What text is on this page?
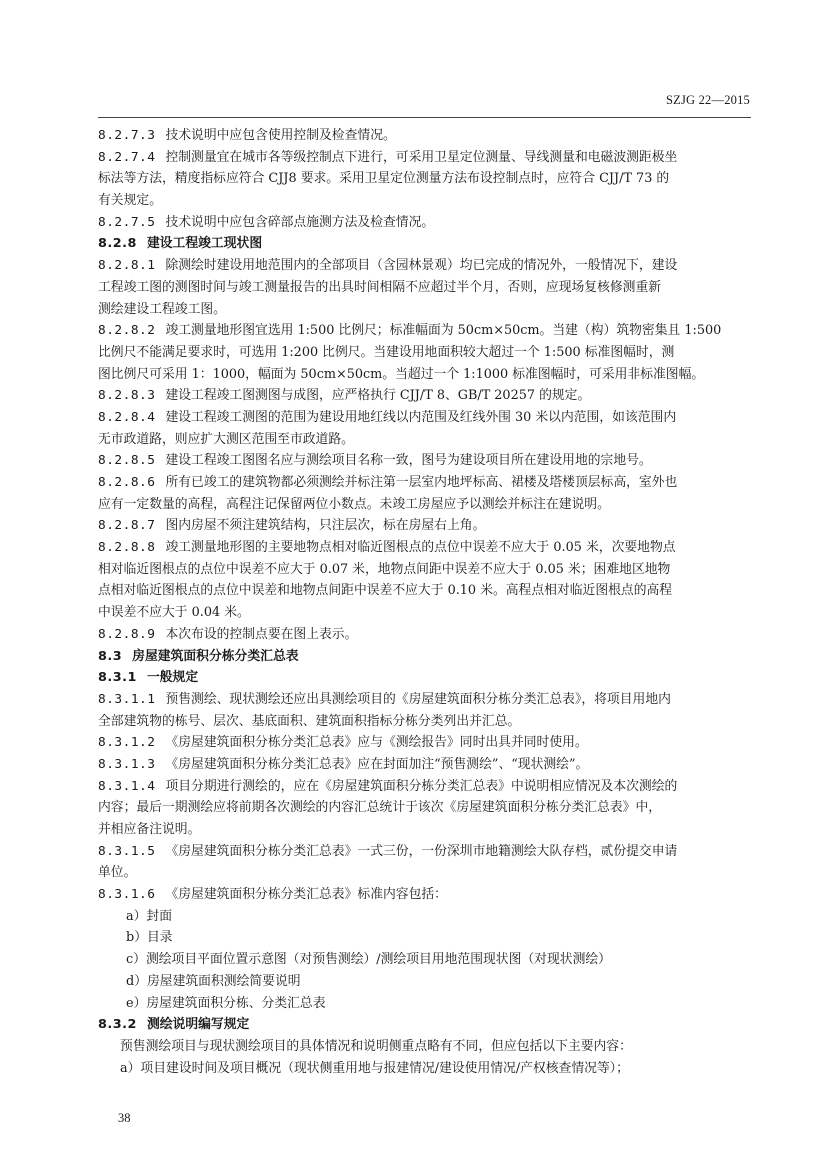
SZJG 22—2015
8.2.7.3 技术说明中应包含使用控制及检查情况。
8.2.7.4 控制测量宜在城市各等级控制点下进行，可采用卫星定位测量、导线测量和电磁波测距极坐
标法等方法，精度指标应符合 CJJ8 要求。采用卫星定位测量方法布设控制点时，应符合 CJJ/T 73 的
有关规定。
8.2.7.5 技术说明中应包含碎部点施测方法及检查情况。
8.2.8 建设工程竣工现状图
8.2.8.1 除测绘时建设用地范围内的全部项目（含园林景观）均已完成的情况外，一般情况下，建设
工程竣工图的测图时间与竣工测量报告的出具时间相隔不应超过半个月，否则，应现场复核修测重新
测绘建设工程竣工图。
8.2.8.2 竣工测量地形图宜选用 1:500 比例尺；标准幅面为 50cm×50cm。当建（构）筑物密集且 1:500
比例尺不能满足要求时，可选用 1:200 比例尺。当建设用地面积较大超过一个 1:500 标准图幅时，测
图比例尺可采用 1：1000，幅面为 50cm×50cm。当超过一个 1:1000 标准图幅时，可采用非标准图幅。
8.2.8.3 建设工程竣工图测图与成图，应严格执行 CJJ/T 8、GB/T 20257 的规定。
8.2.8.4 建设工程竣工测图的范围为建设用地红线以内范围及红线外围 30 米以内范围，如该范围内
无市政道路，则应扩大测区范围至市政道路。
8.2.8.5 建设工程竣工图图名应与测绘项目名称一致，图号为建设项目所在建设用地的宗地号。
8.2.8.6 所有已竣工的建筑物都必须测绘并标注第一层室内地坪标高、裙楼及塔楼顶层标高，室外也
应有一定数量的高程，高程注记保留两位小数点。未竣工房屋应予以测绘并标注在建说明。
8.2.8.7 图内房屋不须注建筑结构，只注层次，标在房屋右上角。
8.2.8.8 竣工测量地形图的主要地物点相对临近图根点的点位中误差不应大于 0.05 米，次要地物点
相对临近图根点的点位中误差不应大于 0.07 米，地物点间距中误差不应大于 0.05 米；困难地区地物
点相对临近图根点的点位中误差和地物点间距中误差不应大于 0.10 米。高程点相对临近图根点的高程
中误差不应大于 0.04 米。
8.2.8.9 本次布设的控制点要在图上表示。
8.3 房屋建筑面积分栋分类汇总表
8.3.1 一般规定
8.3.1.1 预售测绘、现状测绘还应出具测绘项目的《房屋建筑面积分栋分类汇总表》，将项目用地内
全部建筑物的栋号、层次、基底面积、建筑面积指标分栋分类列出并汇总。
8.3.1.2 《房屋建筑面积分栋分类汇总表》应与《测绘报告》同时出具并同时使用。
8.3.1.3 《房屋建筑面积分栋分类汇总表》应在封面加注“预售测绘”、“现状测绘”。
8.3.1.4 项目分期进行测绘的，应在《房屋建筑面积分栋分类汇总表》中说明相应情况及本次测绘的
内容；最后一期测绘应将前期各次测绘的内容汇总统计于该次《房屋建筑面积分栋分类汇总表》中，
并相应备注说明。
8.3.1.5 《房屋建筑面积分栋分类汇总表》一式三份，一份深圳市地籍测绘大队存档，贰份提交申请
单位。
8.3.1.6 《房屋建筑面积分栋分类汇总表》标准内容包括：
a）封面
b）目录
c）测绘项目平面位置示意图（对预售测绘）/测绘项目用地范围现状图（对现状测绘）
d）房屋建筑面积测绘简要说明
e）房屋建筑面积分栋、分类汇总表
8.3.2 测绘说明编写规定
预售测绘项目与现状测绘项目的具体情况和说明侧重点略有不同，但应包括以下主要内容：
a）项目建设时间及项目概况（现状侧重用地与报建情况/建设使用情况/产权核查情况等）；
38
